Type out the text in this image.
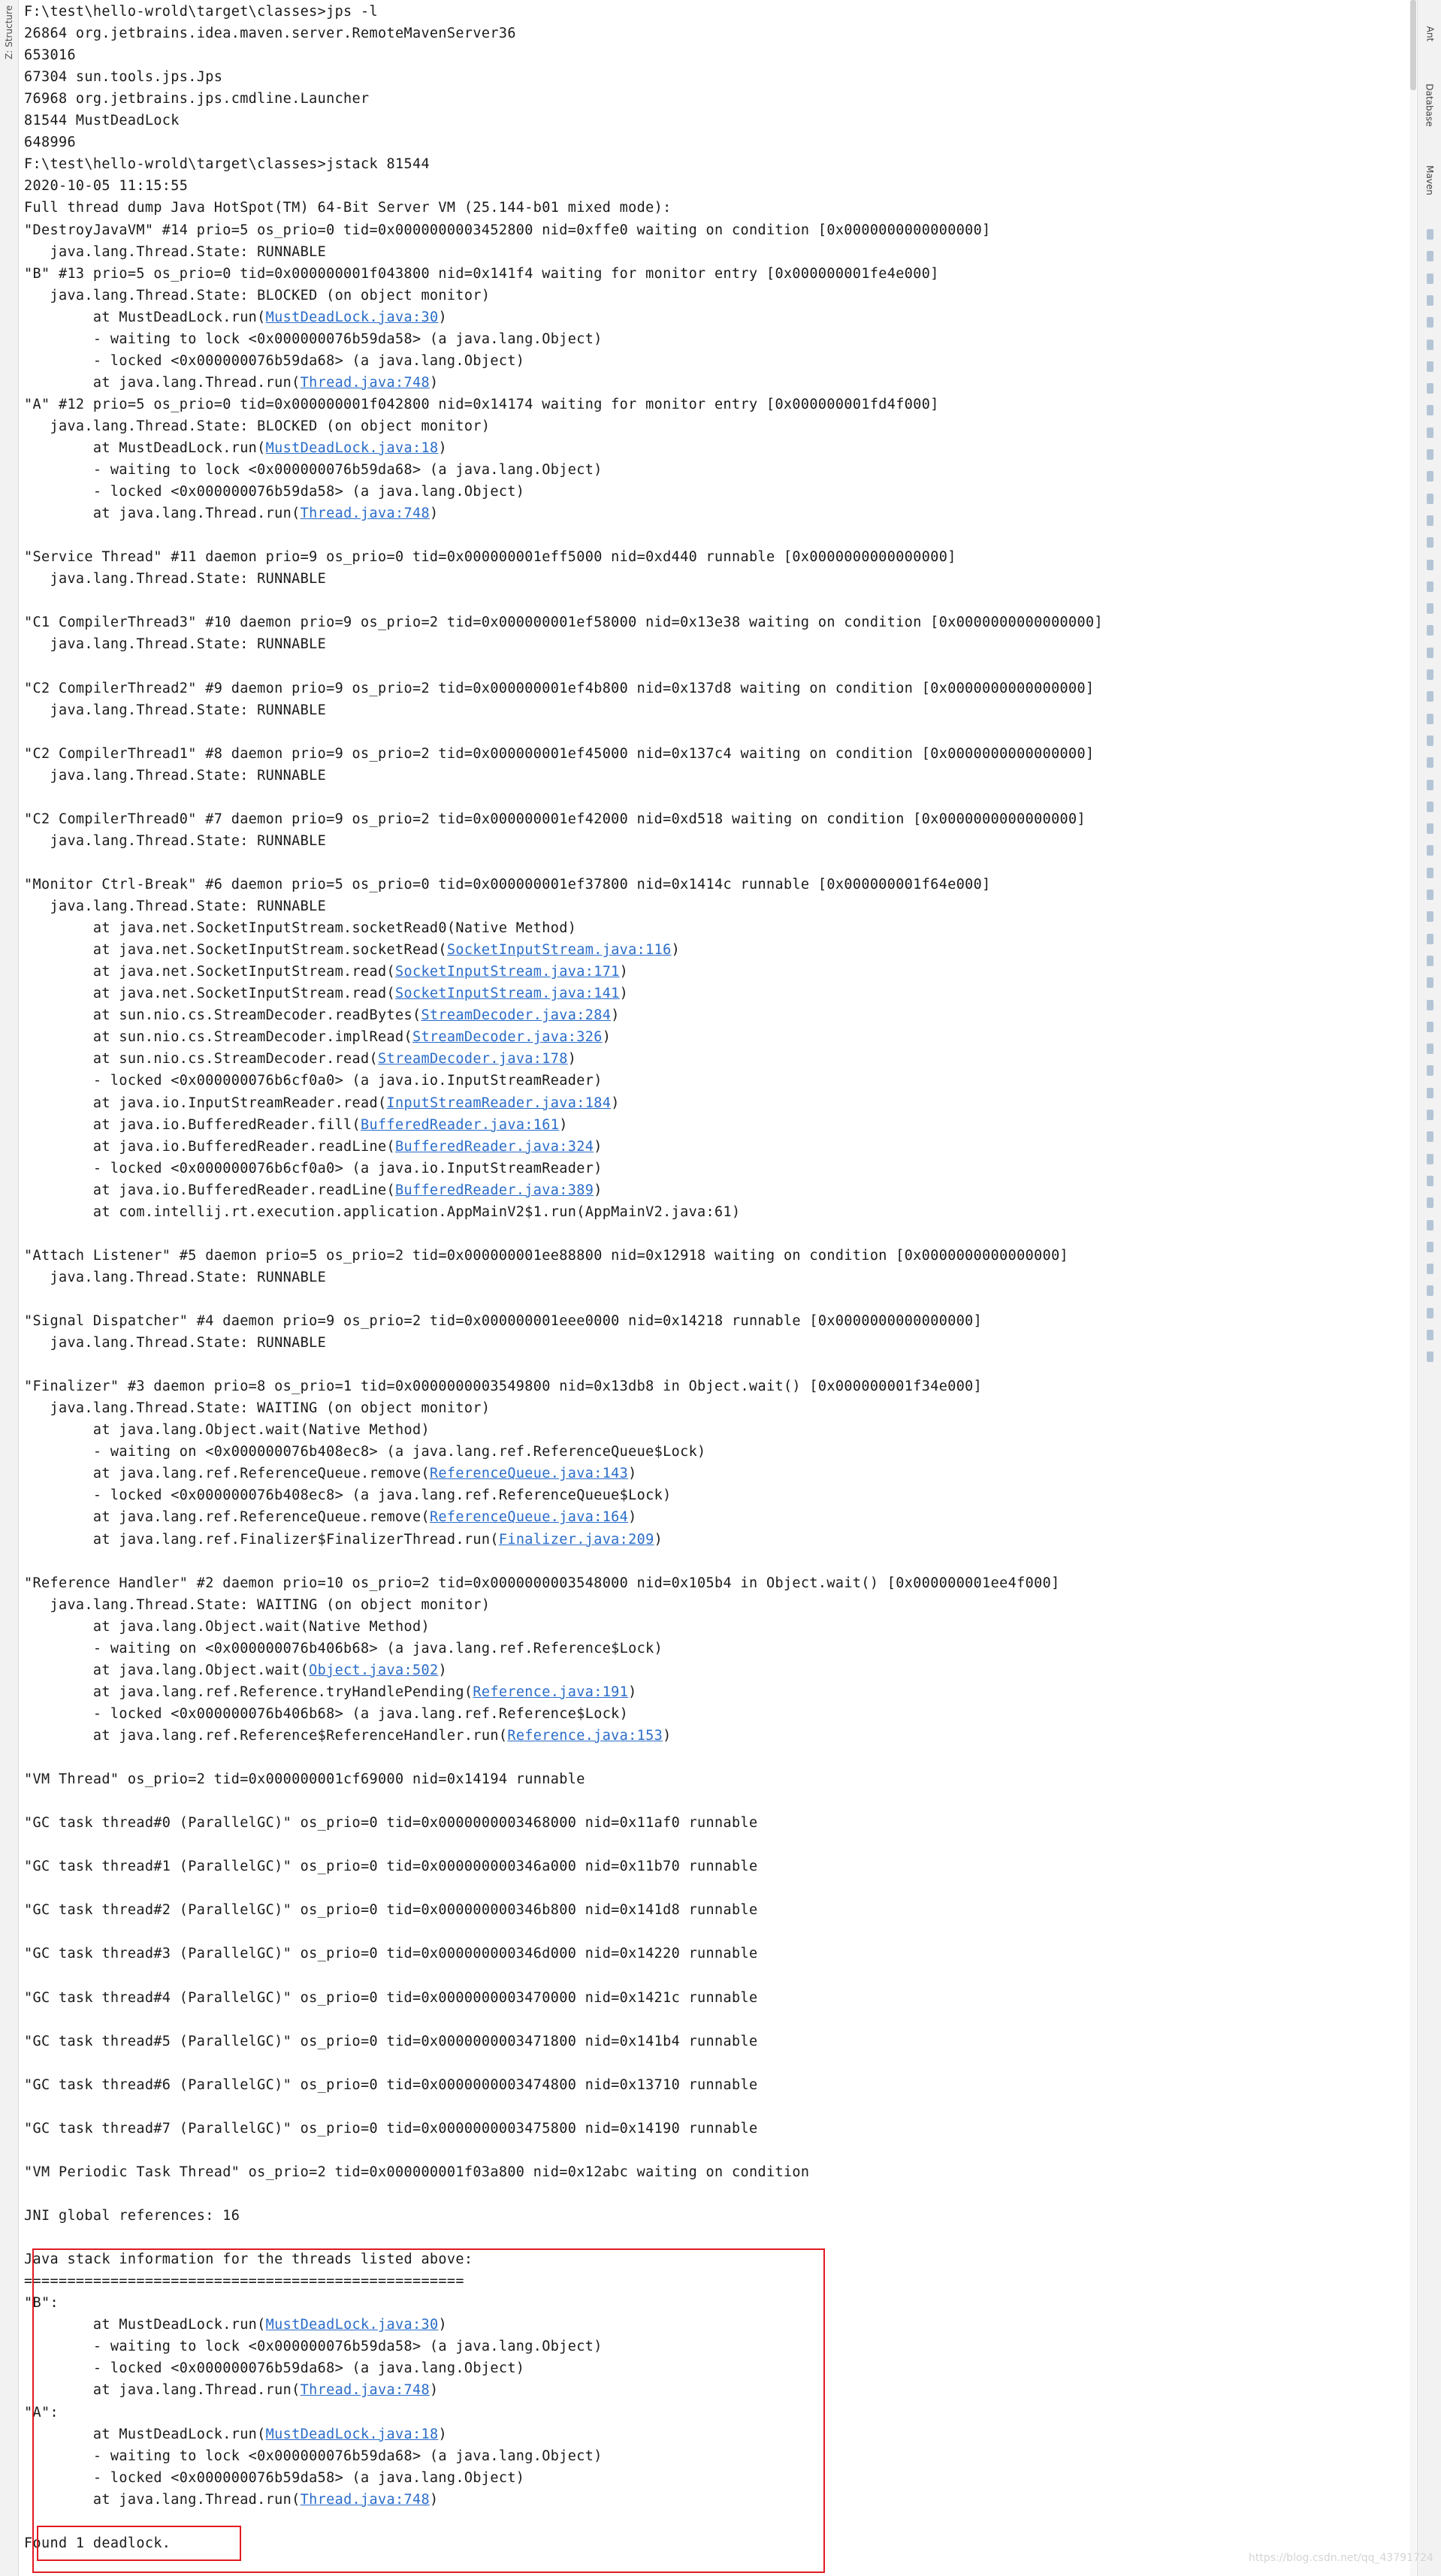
Z: Structure F:\test\hello-wrold\target\classes>jps -l
26864 org.jetbrains.idea.maven.server.RemoteMavenServer36
653016
67304 sun.tools.jps.Jps
76968 org.jetbrains.jps.cmdline.Launcher
81544 MustDeadLock
648996
F:\test\hello-wrold\target\classes>jstack 81544
2020-10-05 11:15:55
Full thread dump Java HotSpot(TM) 64-Bit Server VM (25.144-b01 mixed mode):
"DestroyJavaVM" #14 prio=5 os_prio=0 tid=0x0000000003452800 nid=0xffe0 waiting on condition [0x0000000000000000]
java.lang.Thread.State: RUNNABLE
"B" #13 prio=5 os_prio=0 tid=0x000000001f043800 nid=0x141f4 waiting for monitor entry [0x000000001fe4e000]
java.lang.Thread.State: BLOCKED (on object monitor)
at MustDeadLock.run(MustDeadLock.java:30)
- waiting to lock <0x000000076b59da58> (a java.lang.Object)
- locked <0x000000076b59da68> (a java.lang.Object)
at java.lang.Thread.run(Thread.java:748)
"A" #12 prio=5 os_prio=0 tid=0x000000001f042800 nid=0x14174 waiting for monitor entry [0x000000001fd4f000]
java.lang.Thread.State: BLOCKED (on object monitor)
at MustDeadLock.run(MustDeadLock.java:18)
- waiting to lock <0x000000076b59da68> (a java.lang.Object)
- locked <0x000000076b59da58> (a java.lang.Object)
at java.lang.Thread.run(Thread.java:748)
"Service Thread" #11 daemon prio=9 os_prio=0 tid=0x000000001eff5000 nid=0xd440 runnable [0x0000000000000000]
java.lang.Thread.State: RUNNABLE
"C1 CompilerThread3" #10 daemon prio=9 os_prio=2 tid=0x000000001ef58000 nid=0x13e38 waiting on condition [0x0000000000000000]
java.lang.Thread.State: RUNNABLE
"C2 CompilerThread2" #9 daemon prio=9 os_prio=2 tid=0x000000001ef4b800 nid=0x137d8 waiting on condition [0x0000000000000000]
java.lang.Thread.State: RUNNABLE
"C2 CompilerThread1" #8 daemon prio=9 os_prio=2 tid=0x000000001ef45000 nid=0x137c4 waiting on condition [0x0000000000000000]
java.lang.Thread.State: RUNNABLE
"C2 CompilerThread0" #7 daemon prio=9 os_prio=2 tid=0x000000001ef42000 nid=0xd518 waiting on condition [0x0000000000000000]
java.lang.Thread.State: RUNNABLE
"Monitor Ctrl-Break" #6 daemon prio=5 os_prio=0 tid=0x000000001ef37800 nid=0x1414c runnable [0x000000001f64e000]
java.lang.Thread.State: RUNNABLE
at java.net.SocketInputStream.socketRead0(Native Method)
at java.net.SocketInputStream.socketRead(SocketInputStream.java:116)
at java.net.SocketInputStream.read(SocketInputStream.java:171)
at java.net.SocketInputStream.read(SocketInputStream.java:141)
at sun.nio.cs.StreamDecoder.readBytes(StreamDecoder.java:284)
at sun.nio.cs.StreamDecoder.implRead(StreamDecoder.java:326)
at sun.nio.cs.StreamDecoder.read(StreamDecoder.java:178)
- locked <0x000000076b6cf0a0> (a java.io.InputStreamReader)
at java.io.InputStreamReader.read(InputStreamReader.java:184)
at java.io.BufferedReader.fill(BufferedReader.java:161)
at java.io.BufferedReader.readLine(BufferedReader.java:324)
- locked <0x000000076b6cf0a0> (a java.io.InputStreamReader)
at java.io.BufferedReader.readLine(BufferedReader.java:389)
at com.intellij.rt.execution.application.AppMainV2$1.run(AppMainV2.java:61)
"Attach Listener" #5 daemon prio=5 os_prio=2 tid=0x000000001ee88800 nid=0x12918 waiting on condition [0x0000000000000000]
java.lang.Thread.State: RUNNABLE
"Signal Dispatcher" #4 daemon prio=9 os_prio=2 tid=0x000000001eee0000 nid=0x14218 runnable [0x0000000000000000]
java.lang.Thread.State: RUNNABLE
"Finalizer" #3 daemon prio=8 os_prio=1 tid=0x0000000003549800 nid=0x13db8 in Object.wait() [0x000000001f34e000]
java.lang.Thread.State: WAITING (on object monitor)
at java.lang.Object.wait(Native Method)
- waiting on <0x000000076b408ec8> (a java.lang.ref.ReferenceQueue$Lock)
at java.lang.ref.ReferenceQueue.remove(ReferenceQueue.java:143)
- locked <0x000000076b408ec8> (a java.lang.ref.ReferenceQueue$Lock)
at java.lang.ref.ReferenceQueue.remove(ReferenceQueue.java:164)
at java.lang.ref.Finalizer$FinalizerThread.run(Finalizer.java:209)
"Reference Handler" #2 daemon prio=10 os_prio=2 tid=0x0000000003548000 nid=0x105b4 in Object.wait() [0x000000001ee4f000]
java.lang.Thread.State: WAITING (on object monitor)
at java.lang.Object.wait(Native Method)
- waiting on <0x000000076b406b68> (a java.lang.ref.Reference$Lock)
at java.lang.Object.wait(Object.java:502)
at java.lang.ref.Reference.tryHandlePending(Reference.java:191)
- locked <0x000000076b406b68> (a java.lang.ref.Reference$Lock)
at java.lang.ref.Reference$ReferenceHandler.run(Reference.java:153)
"VM Thread" os_prio=2 tid=0x000000001cf69000 nid=0x14194 runnable
"GC task thread#0 (ParallelGC)" os_prio=0 tid=0x0000000003468000 nid=0x11af0 runnable
"GC task thread#1 (ParallelGC)" os_prio=0 tid=0x000000000346a000 nid=0x11b70 runnable
"GC task thread#2 (ParallelGC)" os_prio=0 tid=0x000000000346b800 nid=0x141d8 runnable
"GC task thread#3 (ParallelGC)" os_prio=0 tid=0x000000000346d000 nid=0x14220 runnable
"GC task thread#4 (ParallelGC)" os_prio=0 tid=0x0000000003470000 nid=0x1421c runnable
"GC task thread#5 (ParallelGC)" os_prio=0 tid=0x0000000003471800 nid=0x141b4 runnable
"GC task thread#6 (ParallelGC)" os_prio=0 tid=0x0000000003474800 nid=0x13710 runnable
"GC task thread#7 (ParallelGC)" os_prio=0 tid=0x0000000003475800 nid=0x14190 runnable
"VM Periodic Task Thread" os_prio=2 tid=0x000000001f03a800 nid=0x12abc waiting on condition
JNI global references: 16
Java stack information for the threads listed above:
===================================================
"B":
at MustDeadLock.run(MustDeadLock.java:30)
- waiting to lock <0x000000076b59da58> (a java.lang.Object)
- locked <0x000000076b59da68> (a java.lang.Object)
at java.lang.Thread.run(Thread.java:748)
"A":
at MustDeadLock.run(MustDeadLock.java:18)
- waiting to lock <0x000000076b59da68> (a java.lang.Object)
- locked <0x000000076b59da58> (a java.lang.Object)
at java.lang.Thread.run(Thread.java:748)
Found 1 deadlock.
Ant
Database
Maven
https://blog.csdn.net/qq_43791724
